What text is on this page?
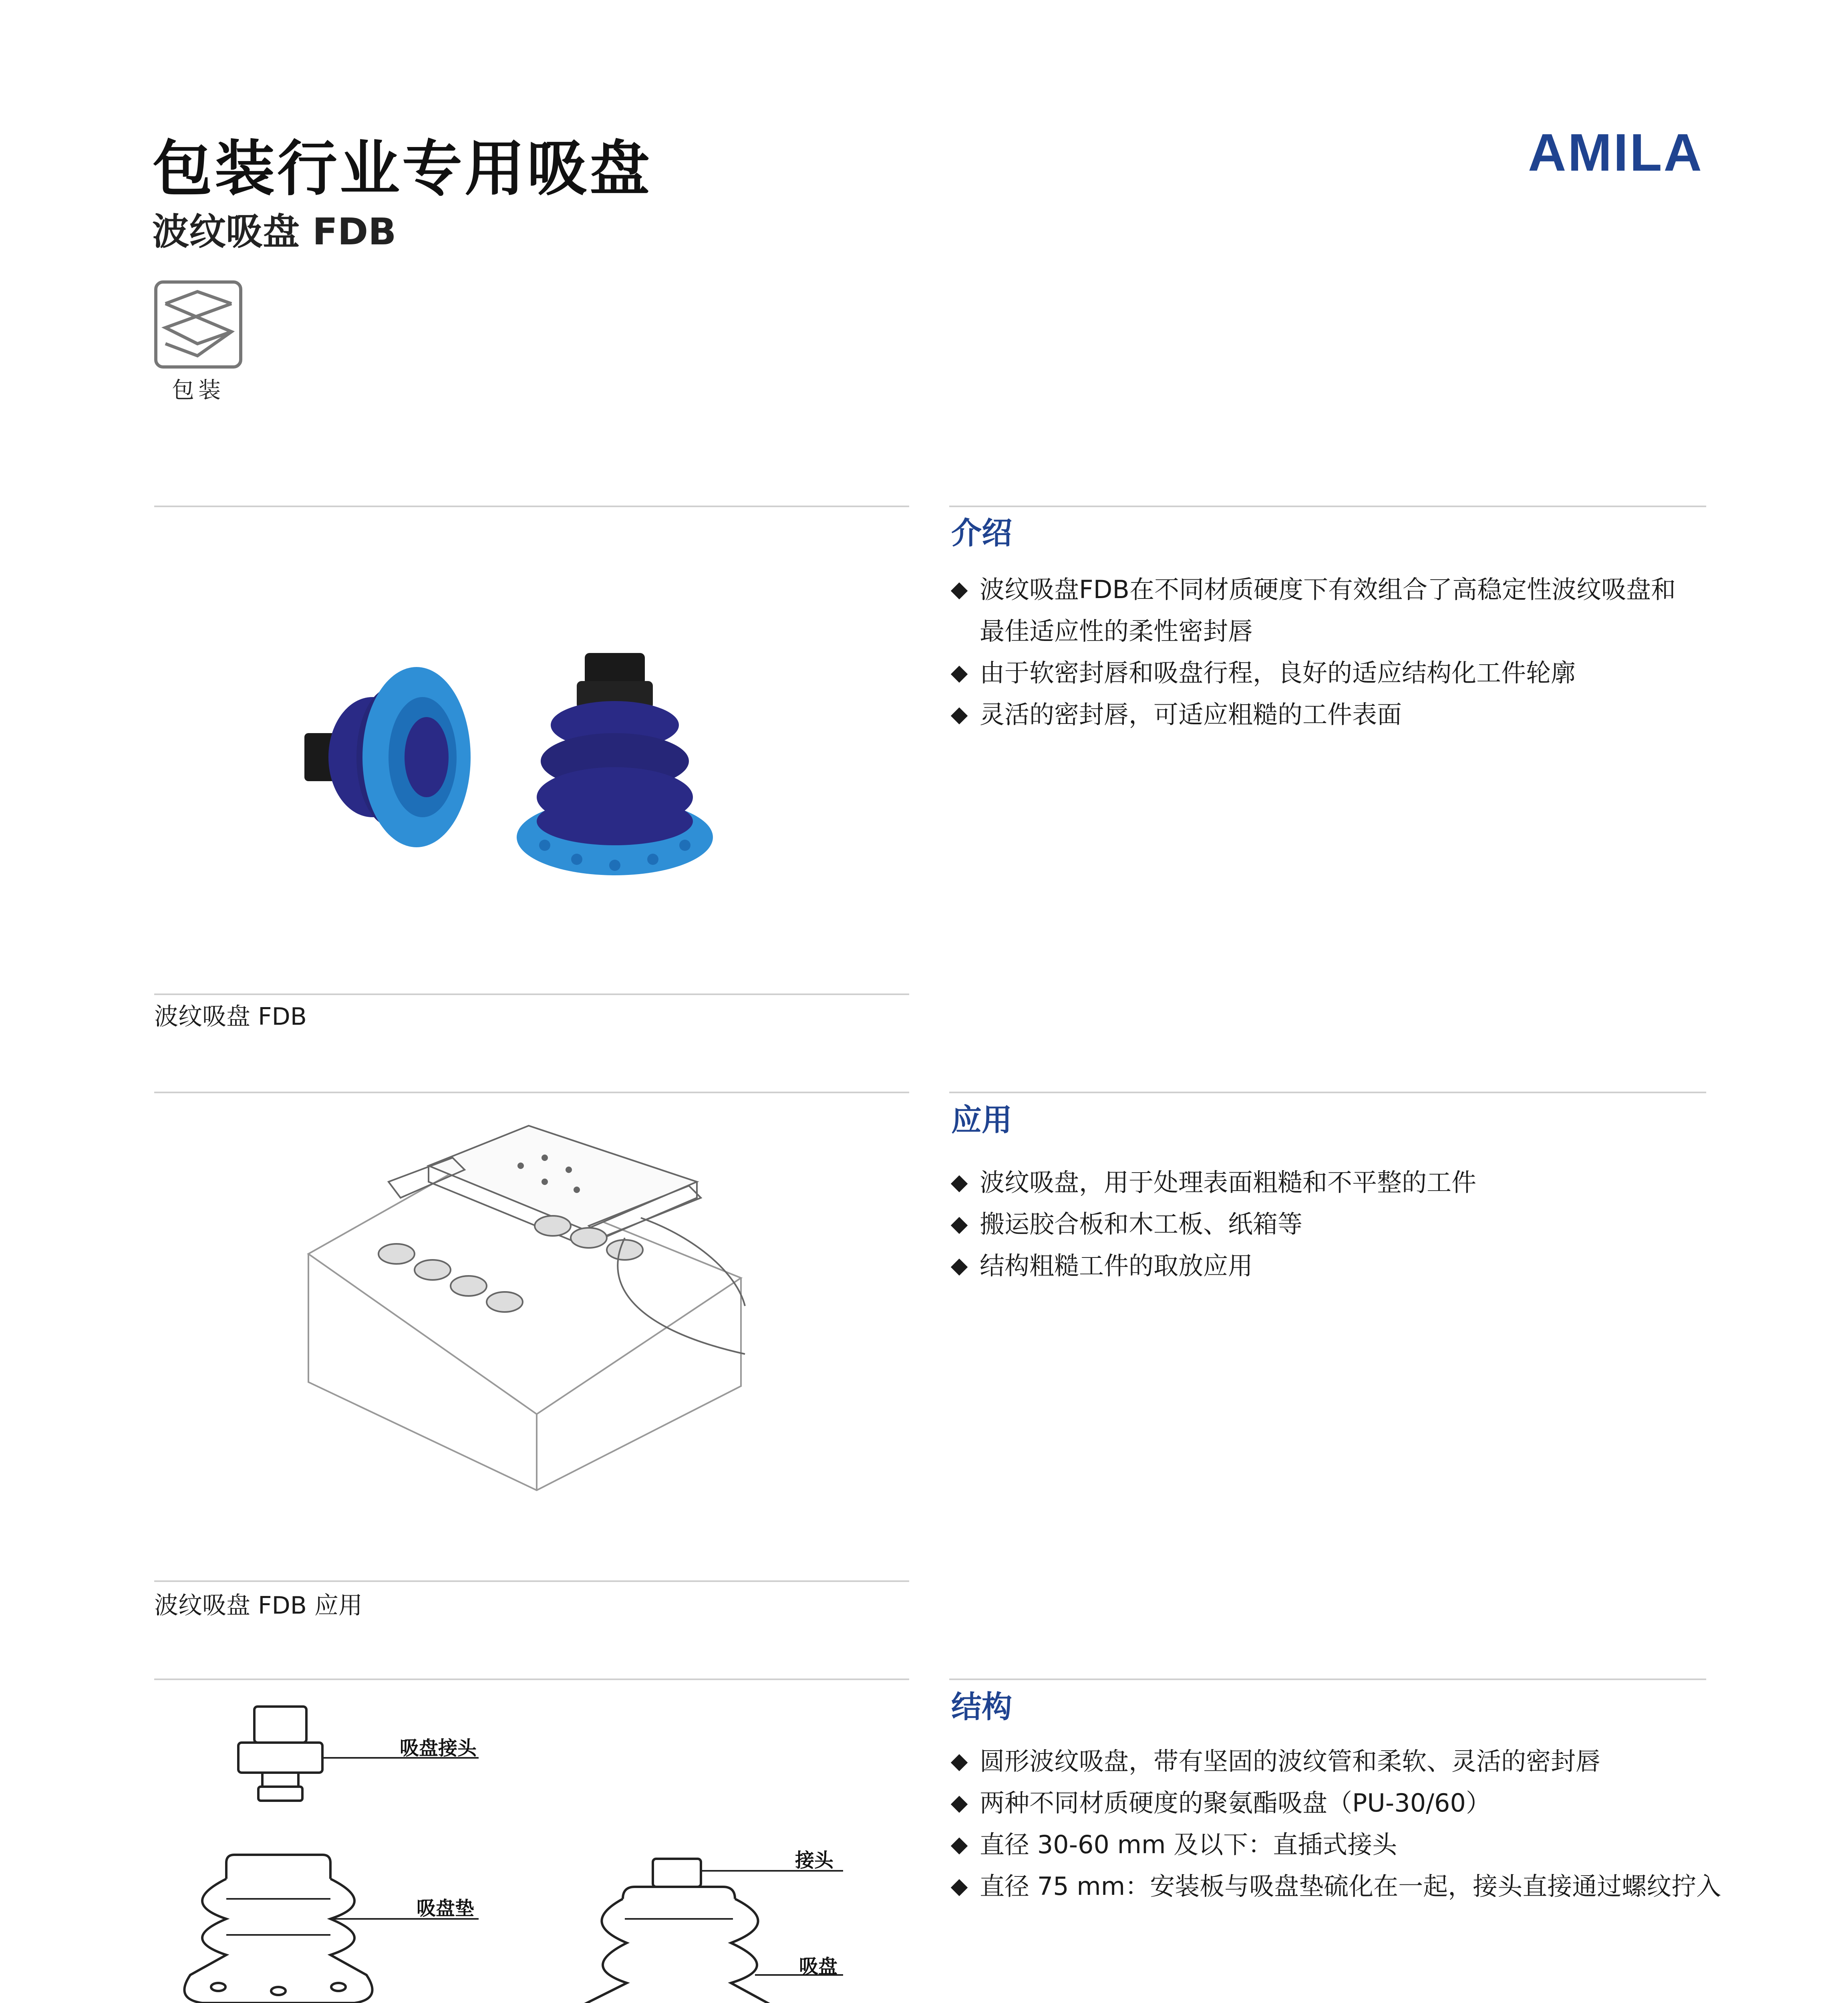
包装行业专用吸盘
波纹吸盘 FDB
AMILA
包装
介绍
波纹吸盘FDB在不同材质硬度下有效组合了高稳定性波纹吸盘和
最佳适应性的柔性密封唇
由于软密封唇和吸盘行程，良好的适应结构化工件轮廓
灵活的密封唇，可适应粗糙的工件表面
波纹吸盘 FDB
应用
波纹吸盘，用于处理表面粗糙和不平整的工件
搬运胶合板和木工板、纸箱等
结构粗糙工件的取放应用
波纹吸盘 FDB 应用
结构
圆形波纹吸盘，带有坚固的波纹管和柔软、灵活的密封唇
两种不同材质硬度的聚氨酯吸盘（PU-30/60）
直径 30-60 mm 及以下：直插式接头
直径 75 mm：安装板与吸盘垫硫化在一起，接头直接通过螺纹拧入
吸盘接头
吸盘垫
接头
吸盘
